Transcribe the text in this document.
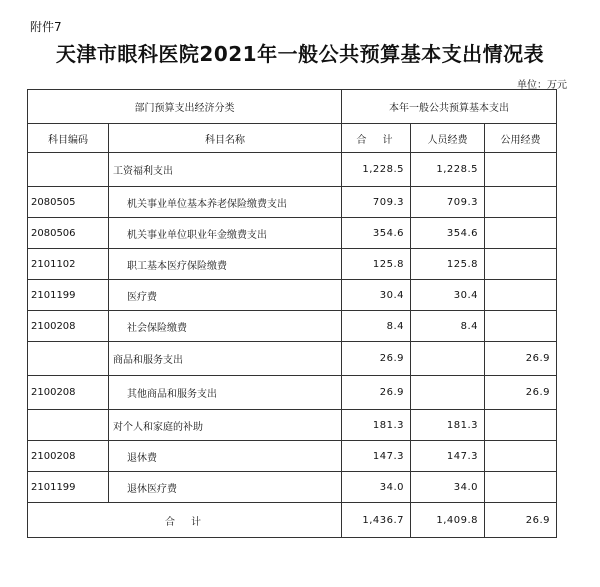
附件7
天津市眼科医院2021年一般公共预算基本支出情况表
单位：万元
部门预算支出经济分类		本年一般公共预算基本支出		
科目编码	科目名称	合　计	人员经费	公用经费
	工资福利支出	1,228.5	1,228.5	
2080505	机关事业单位基本养老保险缴费支出	709.3	709.3	
2080506	机关事业单位职业年金缴费支出	354.6	354.6	
2101102	职工基本医疗保险缴费	125.8	125.8	
2101199	医疗费	30.4	30.4	
2100208	社会保险缴费	8.4	8.4	
	商品和服务支出	26.9		26.9
2100208	其他商品和服务支出	26.9		26.9
	对个人和家庭的补助	181.3	181.3	
2100208	退休费	147.3	147.3	
2101199	退休医疗费	34.0	34.0	
合　计		1,436.7	1,409.8	26.9
